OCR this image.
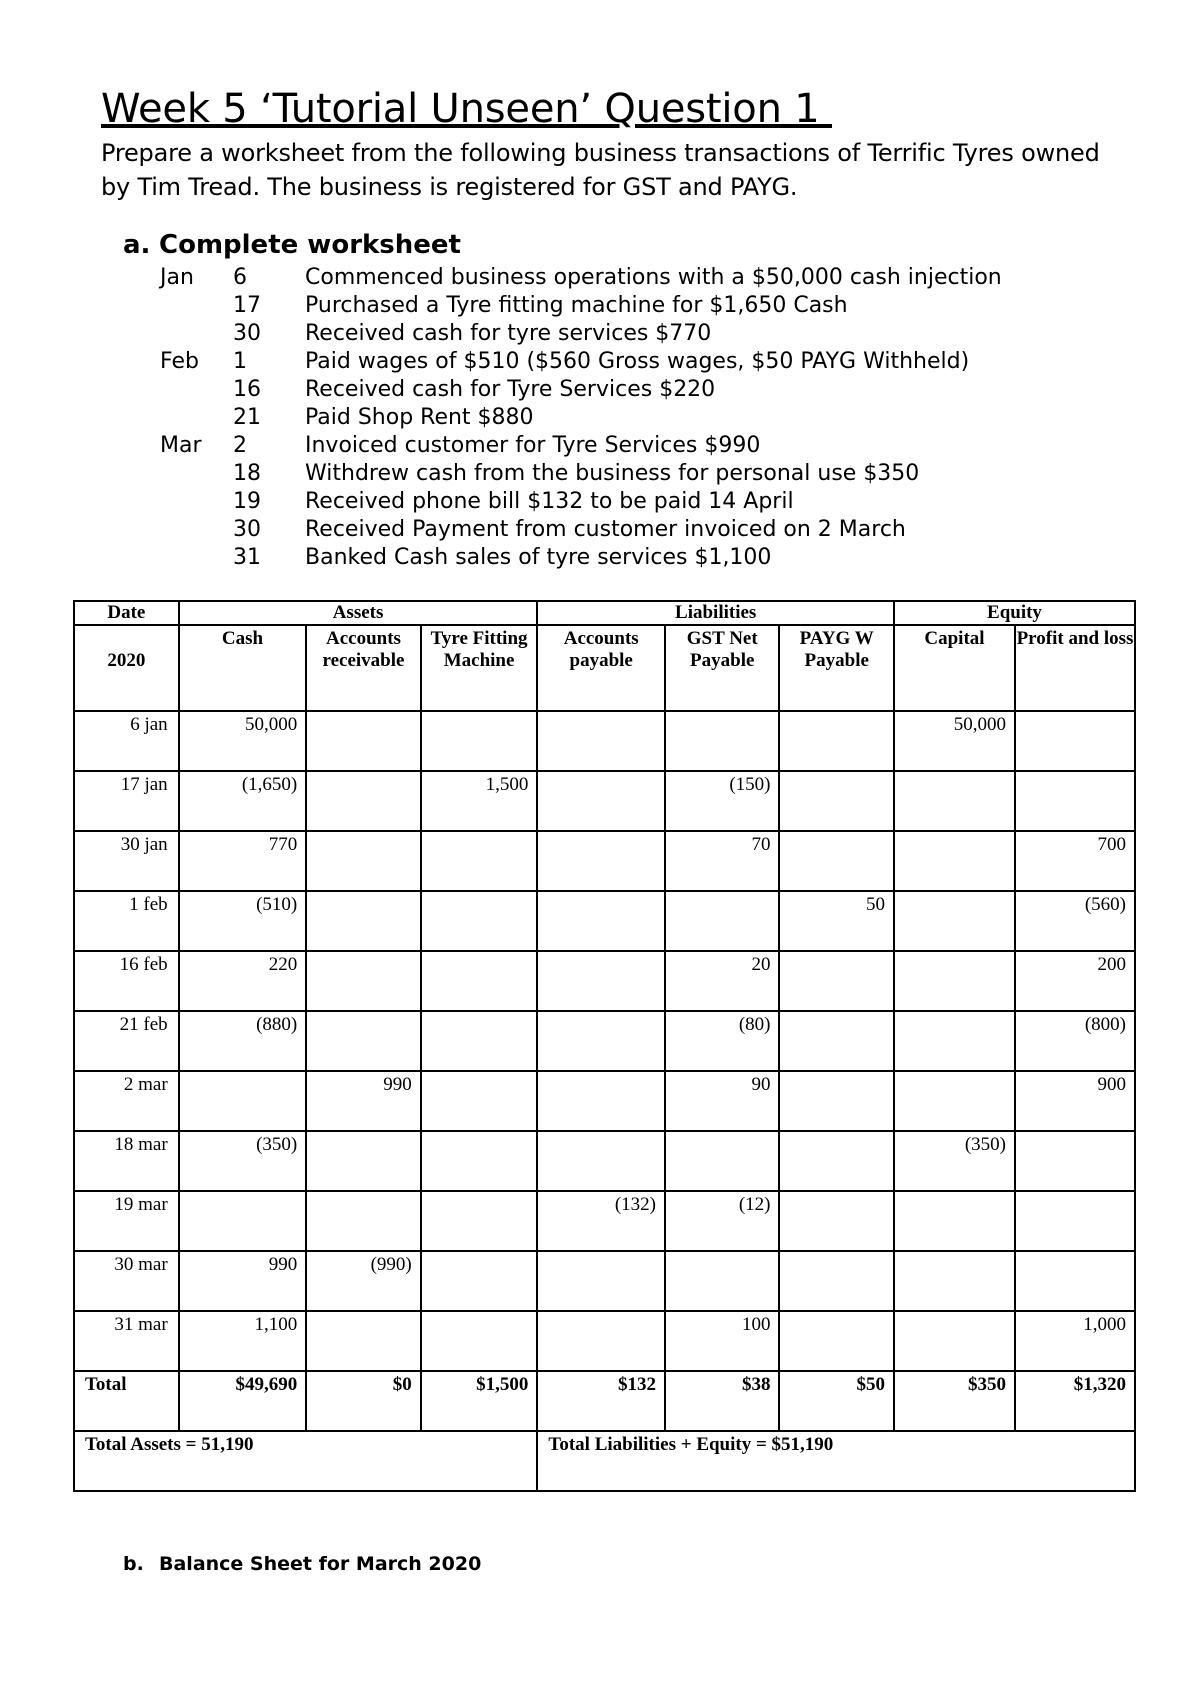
Week 5 ‘Tutorial Unseen’ Question 1
Prepare a worksheet from the following business transactions of Terrific Tyres owned by Tim Tread. The business is registered for GST and PAYG.
a. Complete worksheet
Jan	6	Commenced business operations with a $50,000 cash injection
17	Purchased a Tyre fitting machine for $1,650 Cash
30	Received cash for tyre services $770
Feb	1	Paid wages of $510 ($560 Gross wages, $50 PAYG Withheld)
16	Received cash for Tyre Services $220
21	Paid Shop Rent $880
Mar	2	Invoiced customer for Tyre Services $990
18	Withdrew cash from the business for personal use $350
19	Received phone bill $132 to be paid 14 April
30	Received Payment from customer invoiced on 2 March
31	Banked Cash sales of tyre services $1,100
Date	Assets			Liabilities			Equity	

2020	Cash	Accounts receivable	Tyre Fitting Machine	Accounts payable	GST Net Payable	PAYG W Payable	Capital	Profit and loss
6 jan	50,000						50,000	
17 jan	(1,650)		1,500		(150)			
30 jan	770				70			700
1 feb	(510)					50		(560)
16 feb	220				20			200
21 feb	(880)				(80)			(800)
2 mar		990			90			900
18 mar	(350)						(350)	
19 mar				(132)	(12)			
30 mar	990	(990)						
31 mar	1,100				100			1,000
Total	$49,690	$0	$1,500	$132	$38	$50	$350	$1,320
Total Assets = 51,190				Total Liabilities + Equity = $51,190				
b. Balance Sheet for March 2020
